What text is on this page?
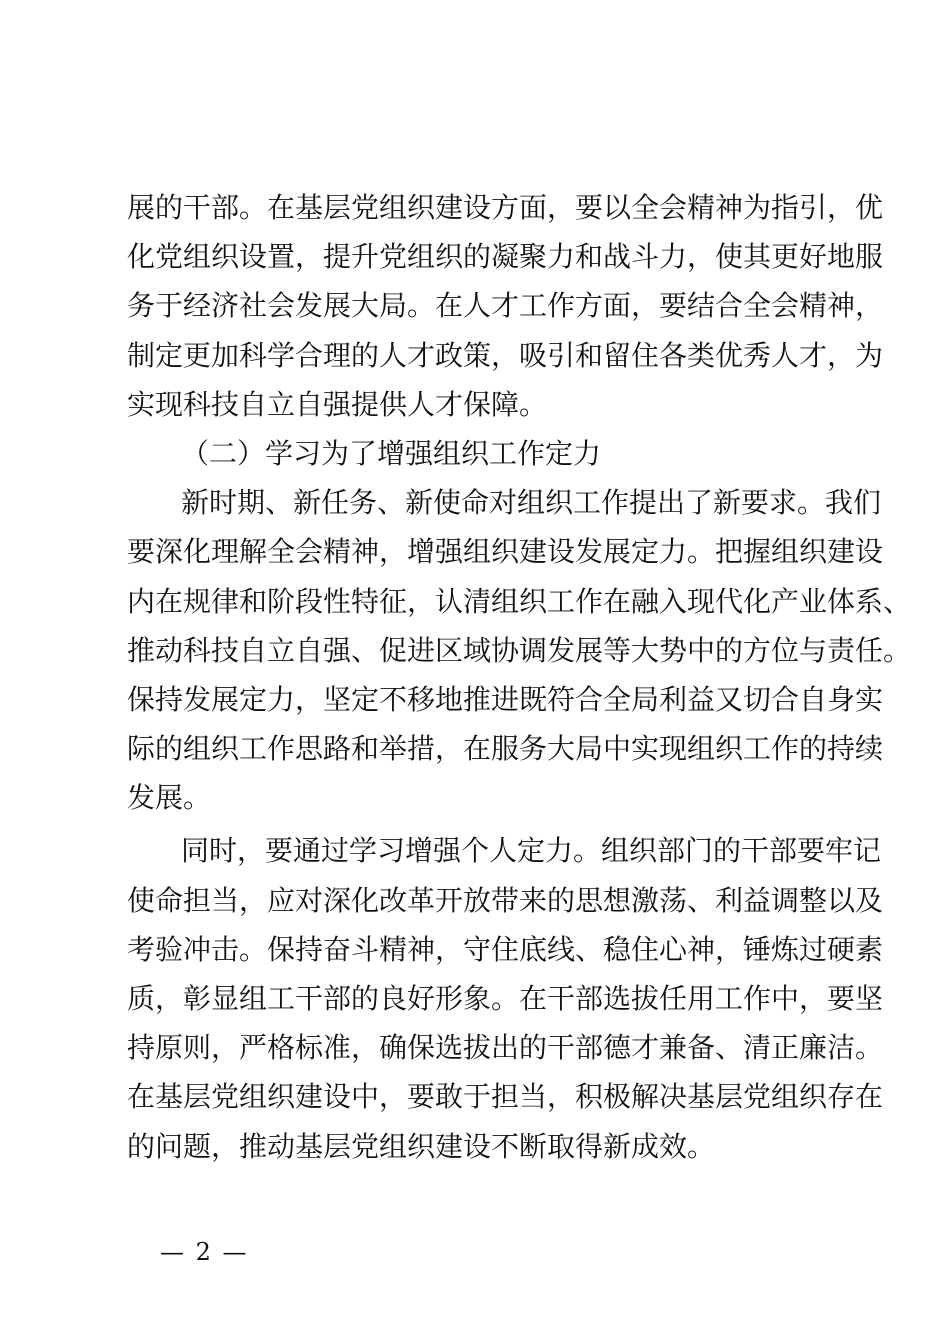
展的干部。在基层党组织建设方面，要以全会精神为指引，优
化党组织设置，提升党组织的凝聚力和战斗力，使其更好地服
务于经济社会发展大局。在人才工作方面，要结合全会精神，
制定更加科学合理的人才政策，吸引和留住各类优秀人才，为
实现科技自立自强提供人才保障。
（二）学习为了增强组织工作定力
新时期、新任务、新使命对组织工作提出了新要求。我们
要深化理解全会精神，增强组织建设发展定力。把握组织建设
内在规律和阶段性特征，认清组织工作在融入现代化产业体系、
推动科技自立自强、促进区域协调发展等大势中的方位与责任。
保持发展定力，坚定不移地推进既符合全局利益又切合自身实
际的组织工作思路和举措，在服务大局中实现组织工作的持续
发展。
同时，要通过学习增强个人定力。组织部门的干部要牢记
使命担当，应对深化改革开放带来的思想激荡、利益调整以及
考验冲击。保持奋斗精神，守住底线、稳住心神，锤炼过硬素
质，彰显组工干部的良好形象。在干部选拔任用工作中，要坚
持原则，严格标准，确保选拔出的干部德才兼备、清正廉洁。
在基层党组织建设中，要敢于担当，积极解决基层党组织存在
的问题，推动基层党组织建设不断取得新成效。
— 2 —
